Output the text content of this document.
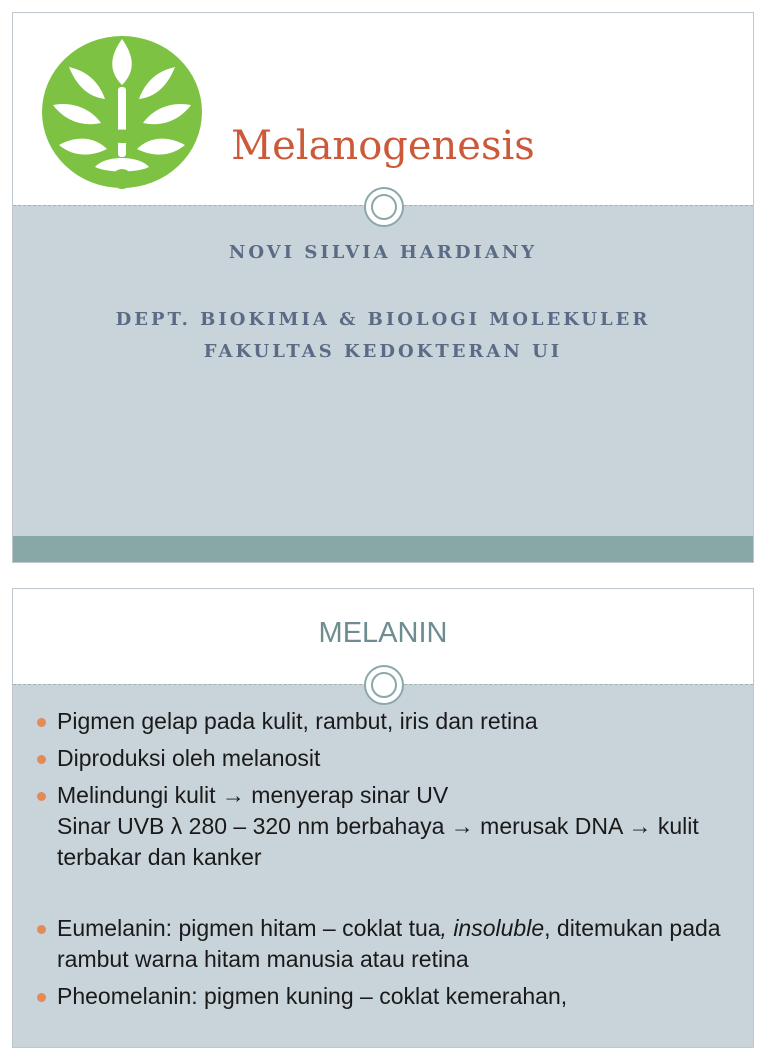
Melanogenesis
NOVI SILVIA HARDIANY
DEPT. BIOKIMIA & BIOLOGI MOLEKULER
FAKULTAS KEDOKTERAN UI
MELANIN
Pigmen gelap pada kulit, rambut, iris dan retina
Diproduksi oleh melanosit
Melindungi kulit → menyerap sinar UV
Sinar UVB λ 280 – 320 nm berbahaya → merusak DNA → kulit terbakar dan kanker
Eumelanin: pigmen hitam – coklat tua, insoluble, ditemukan pada rambut warna hitam manusia atau retina
Pheomelanin: pigmen kuning – coklat kemerahan,
